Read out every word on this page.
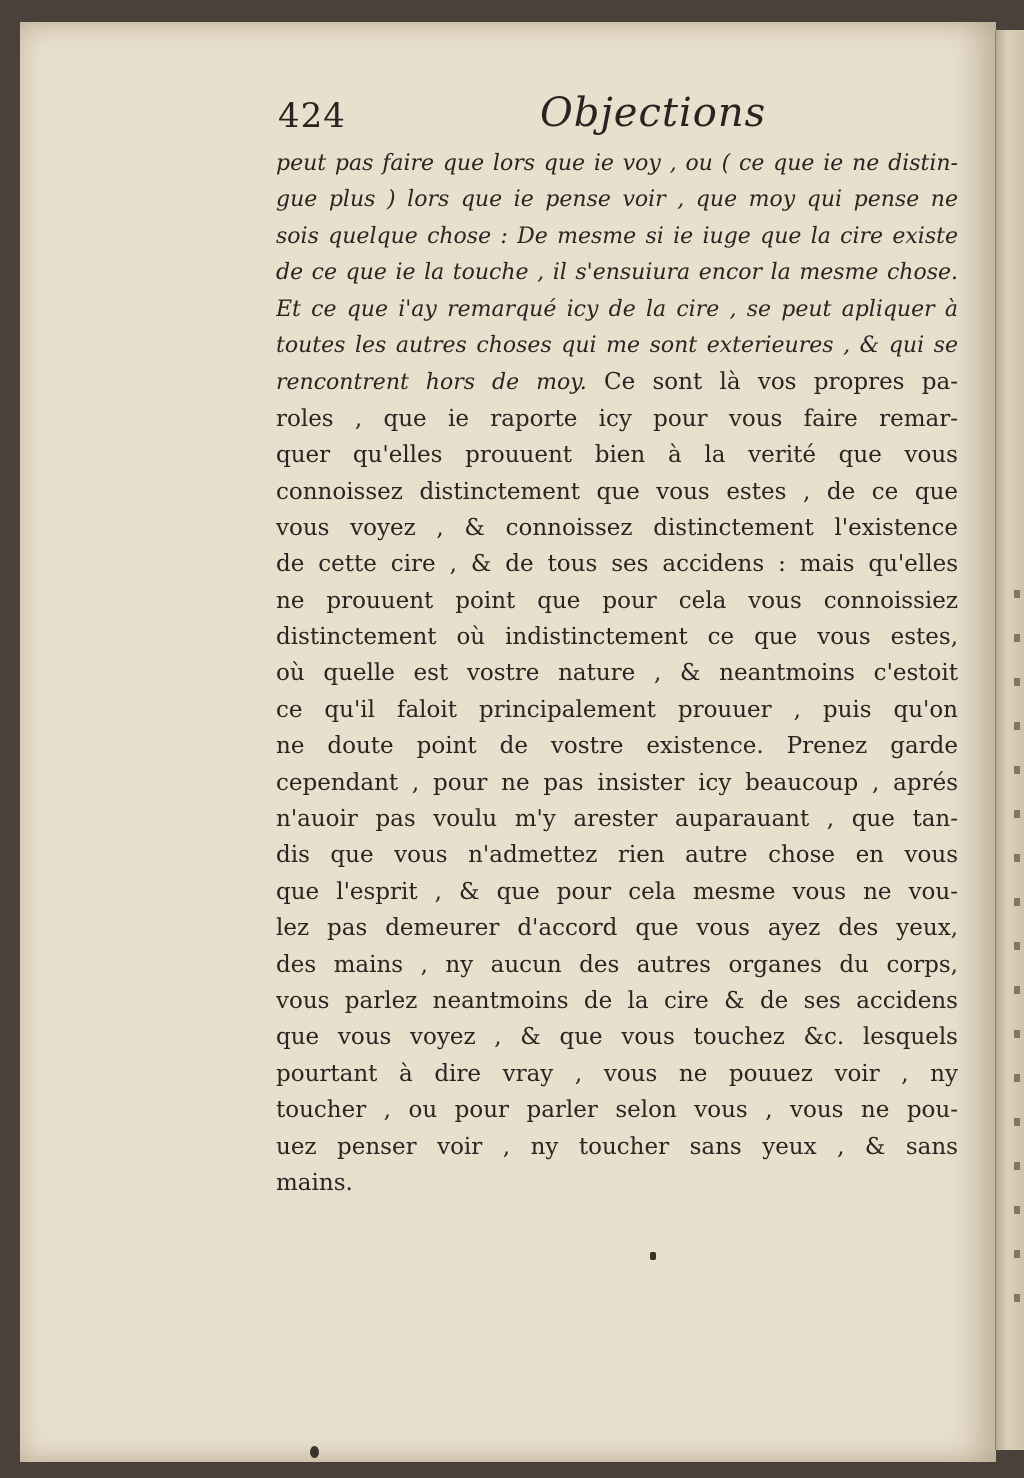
424	Objections
peut pas faire que lors que ie voy , ou ( ce que ie ne distin-
gue plus ) lors que ie pense voir , que moy qui pense ne
sois quelque chose : De mesme si ie iuge que la cire existe
de ce que ie la touche , il s'ensuiura encor la mesme chose.
Et ce que i'ay remarqué icy de la cire , se peut apliquer à
toutes les autres choses qui me sont exterieures , & qui se
rencontrent hors de moy. Ce sont là vos propres pa-
roles , que ie raporte icy pour vous faire remar-
quer qu'elles prouuent bien à la verité que vous
connoissez distinctement que vous estes , de ce que
vous voyez , & connoissez distinctement l'existence
de cette cire , & de tous ses accidens : mais qu'elles
ne prouuent point que pour cela vous connoissiez
distinctement où indistinctement ce que vous estes,
où quelle est vostre nature , & neantmoins c'estoit
ce qu'il faloit principalement prouuer , puis qu'on
ne doute point de vostre existence. Prenez garde
cependant , pour ne pas insister icy beaucoup , aprés
n'auoir pas voulu m'y arester auparauant , que tan-
dis que vous n'admettez rien autre chose en vous
que l'esprit , & que pour cela mesme vous ne vou-
lez pas demeurer d'accord que vous ayez des yeux,
des mains , ny aucun des autres organes du corps,
vous parlez neantmoins de la cire & de ses accidens
que vous voyez , & que vous touchez &c. lesquels
pourtant à dire vray , vous ne pouuez voir , ny
toucher , ou pour parler selon vous , vous ne pou-
uez penser voir , ny toucher sans yeux , & sans
mains.
